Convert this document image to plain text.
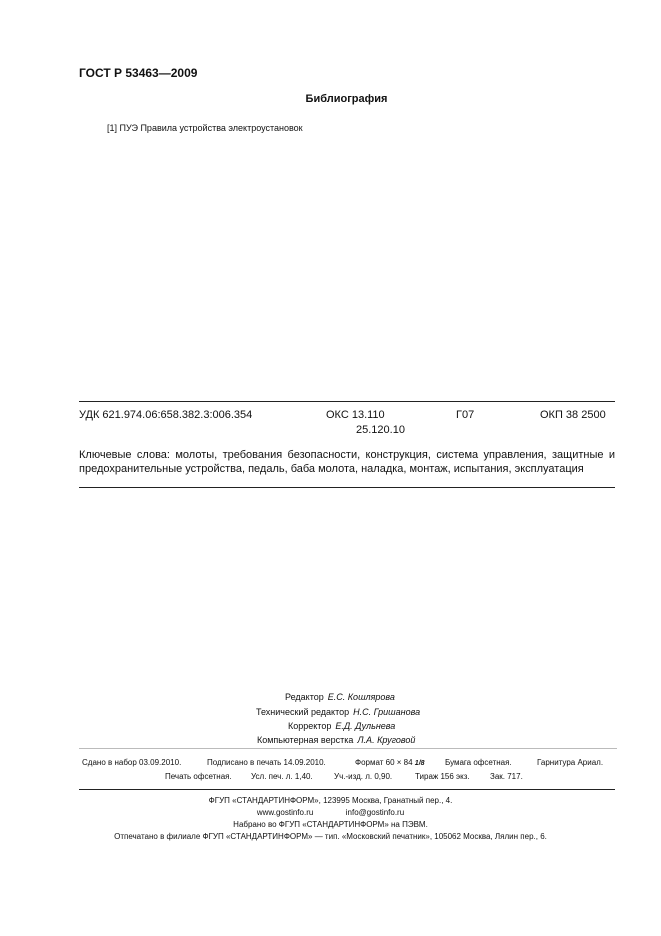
ГОСТ Р 53463—2009
Библиография
[1] ПУЭ Правила устройства электроустановок
УДК 621.974.06:658.382.3:006.354	ОКС 13.110
25.120.10
Г07	ОКП 38 2500
Ключевые слова: молоты, требования безопасности, конструкция, система управления, защитные и предохранительные устройства, педаль, баба молота, наладка, монтаж, испытания, эксплуатация
Редактор Е.С. Кошлярова
Технический редактор Н.С. Гришанова
Корректор Е.Д. Дульнева
Компьютерная верстка Л.А. Круговой
Сдано в набор 03.09.2010.	Подписано в печать 14.09.2010.	Формат 60 × 84 1/8	Бумага офсетная.	Гарнитура Ариал.
Печать офсетная. Усл. печ. л. 1,40.	Уч.-изд. л. 0,90.	Тираж 156 экз.	Зак. 717.
ФГУП «СТАНДАРТИНФОРМ», 123995 Москва, Гранатный пер., 4.
www.gostinfo.ru	info@gostinfo.ru
Набрано во ФГУП «СТАНДАРТИНФОРМ» на ПЭВМ.
Отпечатано в филиале ФГУП «СТАНДАРТИНФОРМ» — тип. «Московский печатник», 105062 Москва, Лялин пер., 6.
